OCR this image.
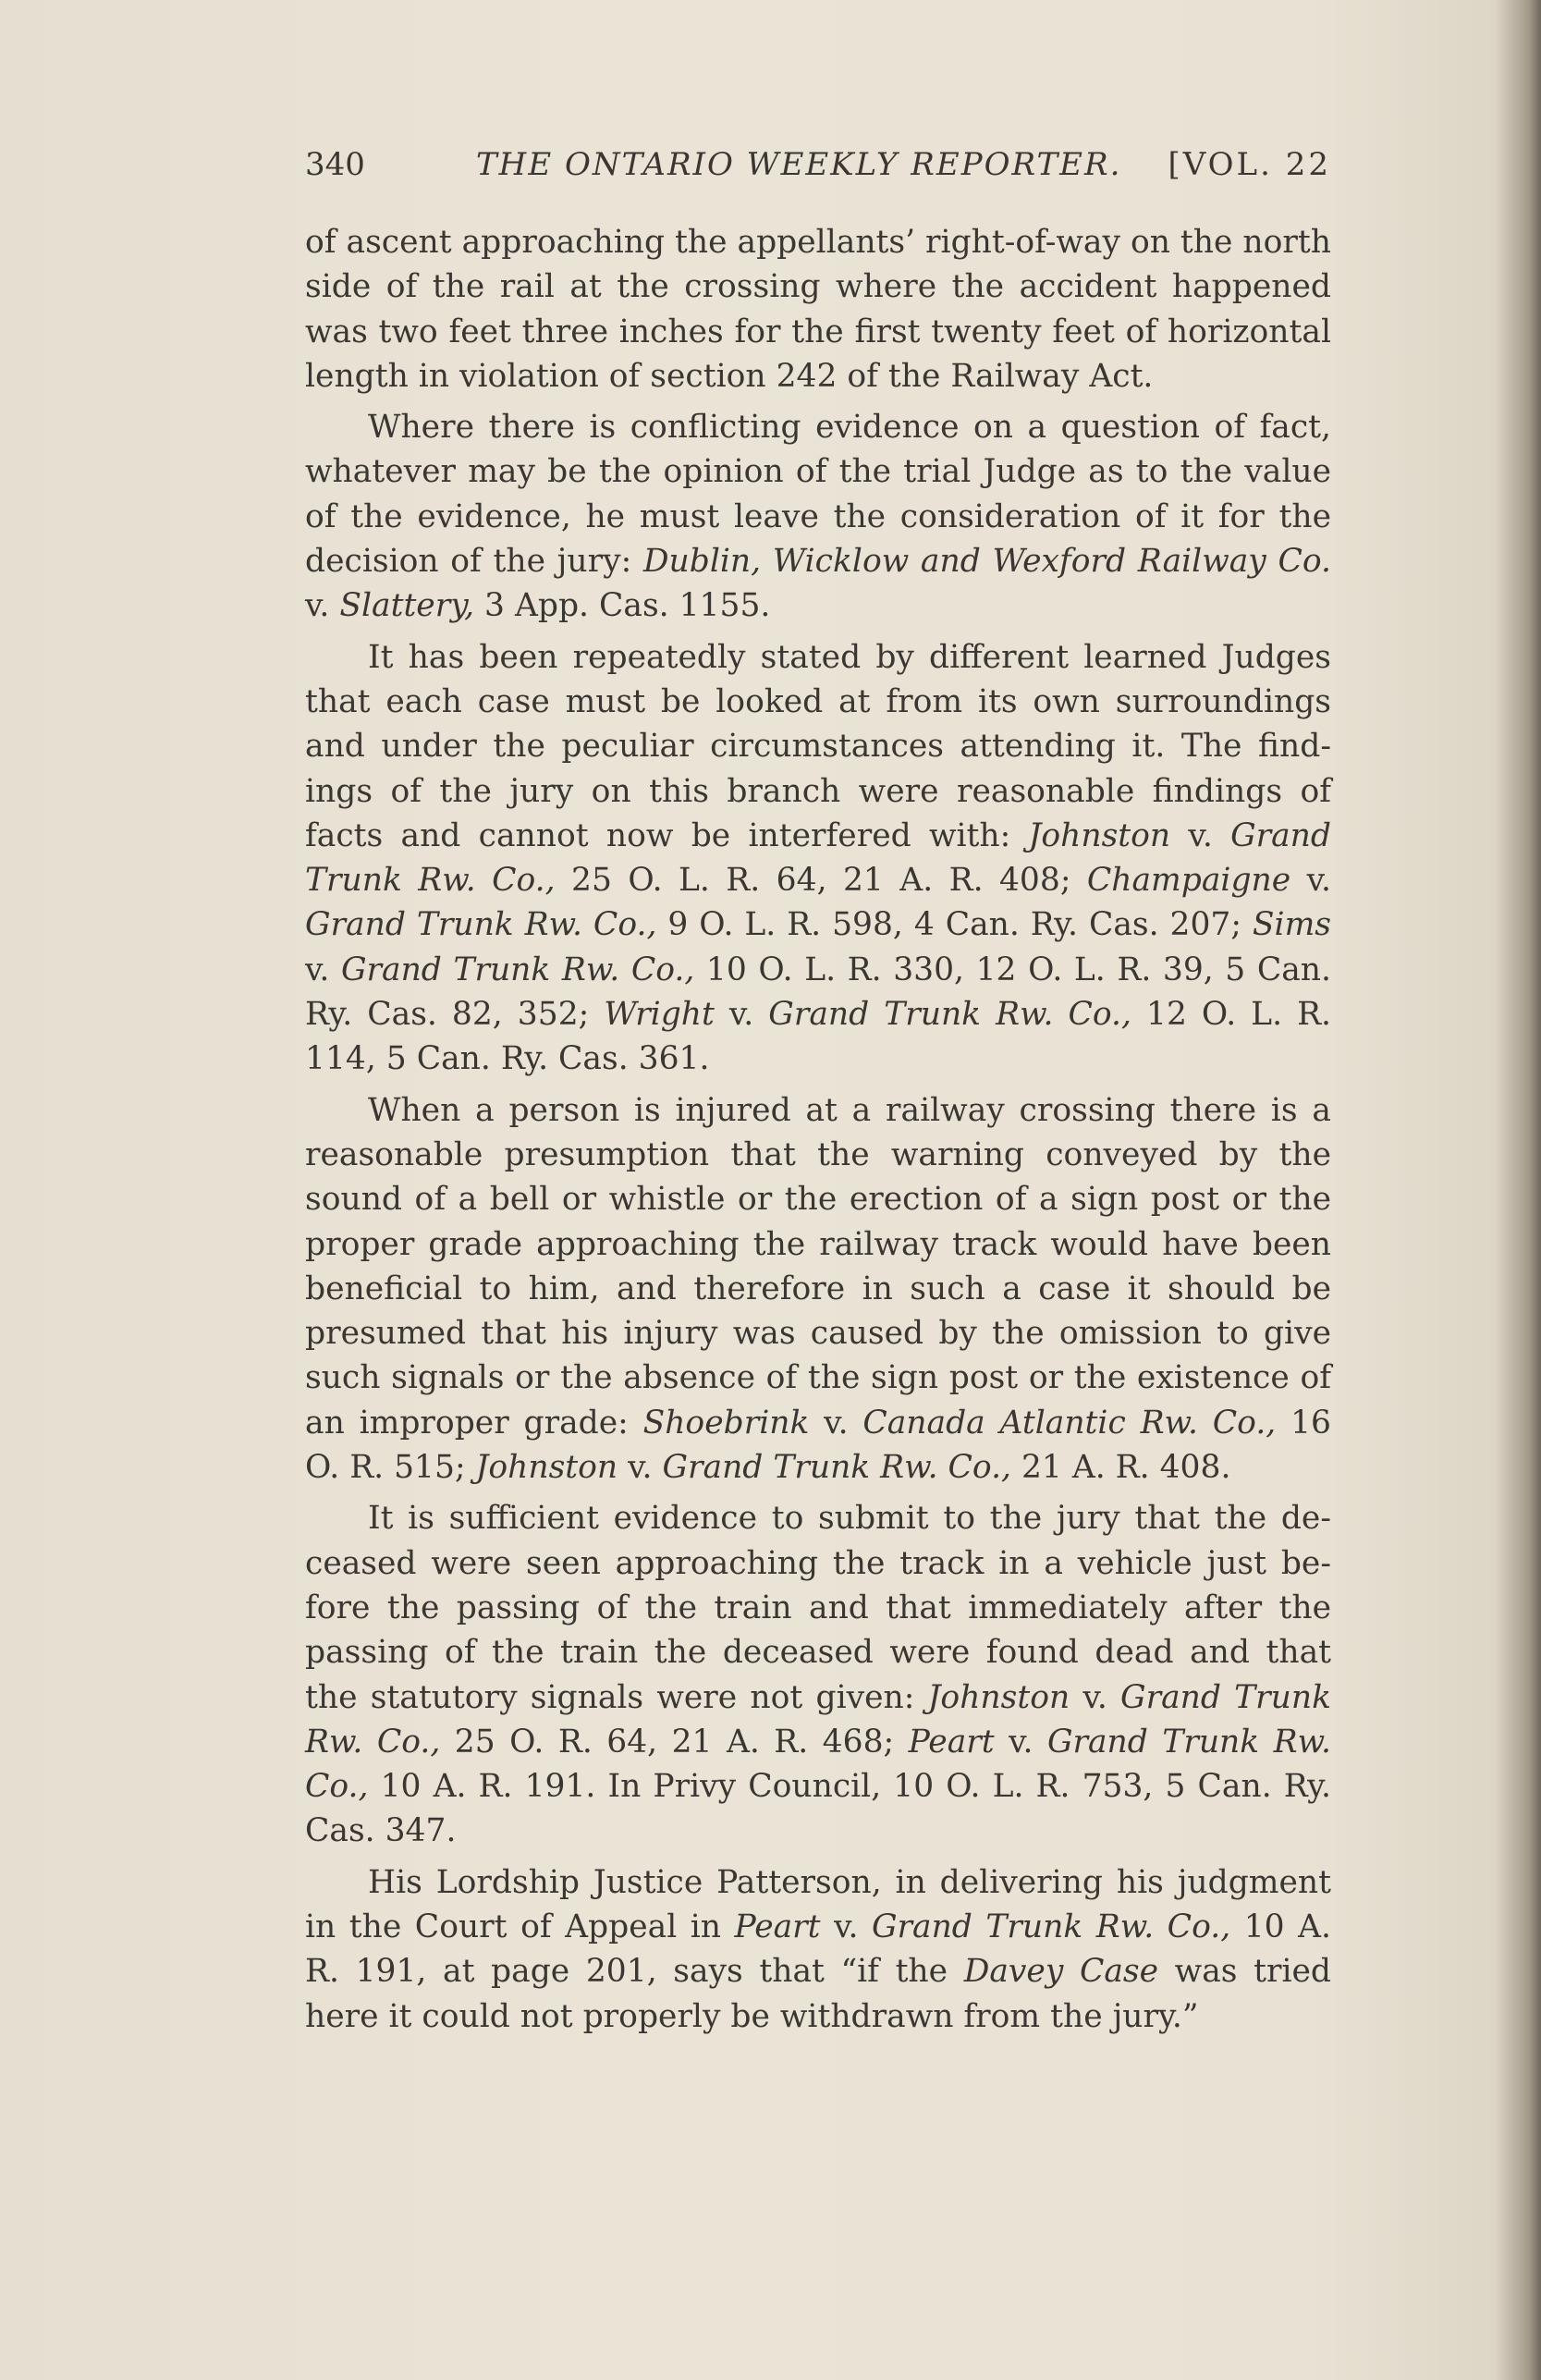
340	THE ONTARIO WEEKLY REPORTER. [VOL. 22

of ascent approaching the appellants’ right-of-way on the north side of the rail at the crossing where the accident happened was two feet three inches for the first twenty feet of horizontal length in violation of section 242 of the Railway Act.

Where there is conflicting evidence on a question of fact, whatever may be the opinion of the trial Judge as to the value of the evidence, he must leave the consideration of it for the decision of the jury: Dublin, Wicklow and Wexford Railway Co. v. Slattery, 3 App. Cas. 1155.

It has been repeatedly stated by different learned Judges that each case must be looked at from its own surroundings and under the peculiar circumstances attending it. The findings of the jury on this branch were reasonable findings of facts and cannot now be interfered with: Johnston v. Grand Trunk Rw. Co., 25 O. L. R. 64, 21 A. R. 408; Champaigne v. Grand Trunk Rw. Co., 9 O. L. R. 598, 4 Can. Ry. Cas. 207; Sims v. Grand Trunk Rw. Co., 10 O. L. R. 330, 12 O. L. R. 39, 5 Can. Ry. Cas. 82, 352; Wright v. Grand Trunk Rw. Co., 12 O. L. R. 114, 5 Can. Ry. Cas. 361.

When a person is injured at a railway crossing there is a reasonable presumption that the warning conveyed by the sound of a bell or whistle or the erection of a sign post or the proper grade approaching the railway track would have been beneficial to him, and therefore in such a case it should be presumed that his injury was caused by the omission to give such signals or the absence of the sign post or the existence of an improper grade: Shoebrink v. Canada Atlantic Rw. Co., 16 O. R. 515; Johnston v. Grand Trunk Rw. Co., 21 A. R. 408.

It is sufficient evidence to submit to the jury that the deceased were seen approaching the track in a vehicle just before the passing of the train and that immediately after the passing of the train the deceased were found dead and that the statutory signals were not given: Johnston v. Grand Trunk Rw. Co., 25 O. R. 64, 21 A. R. 468; Peart v. Grand Trunk Rw. Co., 10 A. R. 191. In Privy Council, 10 O. L. R. 753, 5 Can. Ry. Cas. 347.

His Lordship Justice Patterson, in delivering his judgment in the Court of Appeal in Peart v. Grand Trunk Rw. Co., 10 A. R. 191, at page 201, says that “if the Davey Case was tried here it could not properly be withdrawn from the jury.”
